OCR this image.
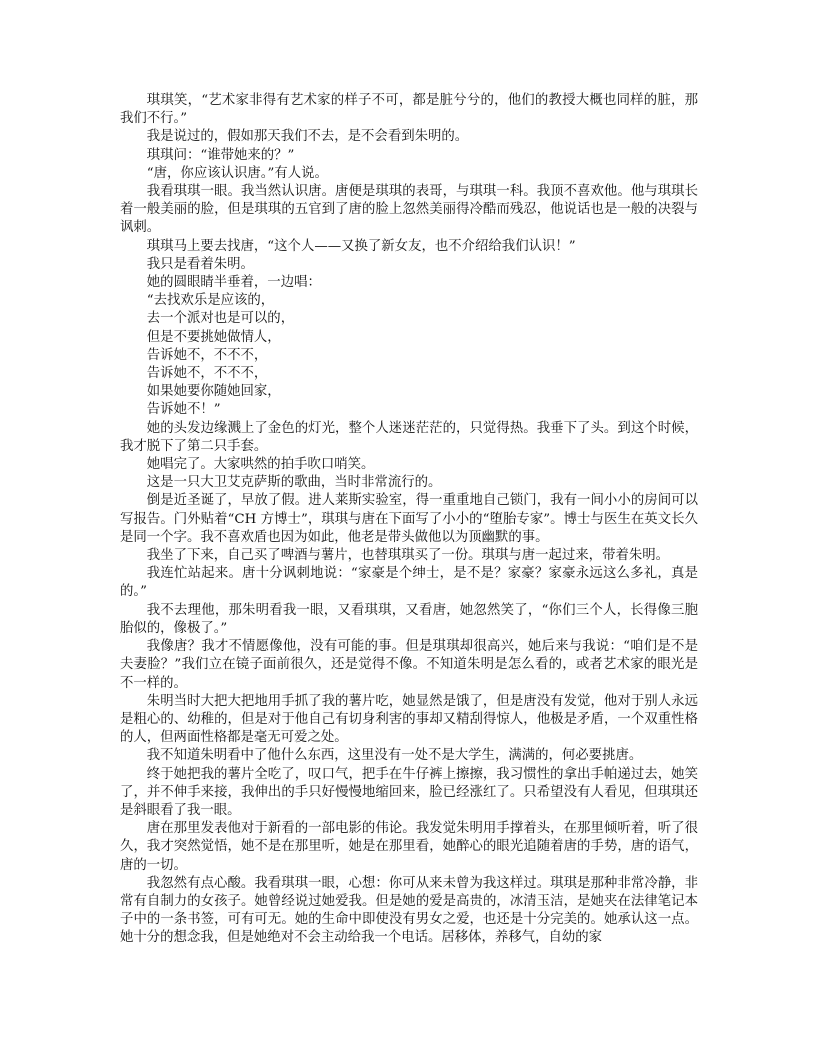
琪琪笑，“艺术家非得有艺术家的样子不可，都是脏兮兮的，他们的教授大概也同样的脏，那我们不行。”

我是说过的，假如那天我们不去，是不会看到朱明的。

琪琪问：“谁带她来的？”

“唐，你应该认识唐。”有人说。

我看琪琪一眼。我当然认识唐。唐便是琪琪的表哥，与琪琪一科。我顶不喜欢他。他与琪琪长着一般美丽的脸，但是琪琪的五官到了唐的脸上忽然美丽得冷酷而残忍，他说话也是一般的决裂与讽刺。

琪琪马上要去找唐，“这个人——又换了新女友，也不介绍给我们认识！”

我只是看着朱明。

她的圆眼睛半垂着，一边唱：

“去找欢乐是应该的，

去一个派对也是可以的，

但是不要挑她做情人，

告诉她不，不不不，

告诉她不，不不不，

如果她要你随她回家，

告诉她不！”

她的头发边缘溅上了金色的灯光，整个人迷迷茫茫的，只觉得热。我垂下了头。到这个时候，我才脱下了第二只手套。

她唱完了。大家哄然的拍手吹口哨笑。

这是一只大卫艾克萨斯的歌曲，当时非常流行的。

倒是近圣诞了，早放了假。进人莱斯实验室，得一重重地自己锁门，我有一间小小的房间可以写报告。门外贴着“CH 方博士”，琪琪与唐在下面写了小小的“堕胎专家”。博士与医生在英文长久是同一个字。我不喜欢盾也因为如此，他老是带头做他以为顶幽默的事。

我坐了下来，自己买了啤酒与薯片，也替琪琪买了一份。琪琪与唐一起过来，带着朱明。

我连忙站起来。唐十分讽刺地说：“家豪是个绅士，是不是？家豪？家豪永远这么多礼，真是的。”

我不去理他，那朱明看我一眼，又看琪琪，又看唐，她忽然笑了，“你们三个人，长得像三胞胎似的，像极了。”

我像唐？我才不情愿像他，没有可能的事。但是琪琪却很高兴，她后来与我说：“咱们是不是夫妻脸？”我们立在镜子面前很久，还是觉得不像。不知道朱明是怎么看的，或者艺术家的眼光是不一样的。

朱明当时大把大把地用手抓了我的薯片吃，她显然是饿了，但是唐没有发觉，他对于别人永远是粗心的、幼稚的，但是对于他自己有切身利害的事却又精刮得惊人，他极是矛盾，一个双重性格的人，但两面性格都是毫无可爱之处。

我不知道朱明看中了他什么东西，这里没有一处不是大学生，满满的，何必要挑唐。

终于她把我的薯片全吃了，叹口气，把手在牛仔裤上擦擦，我习惯性的拿出手帕递过去，她笑了，并不伸手来接，我伸出的手只好慢慢地缩回来，脸已经涨红了。只希望没有人看见，但琪琪还是斜眼看了我一眼。

唐在那里发表他对于新看的一部电影的伟论。我发觉朱明用手撑着头，在那里倾听着，听了很久，我才突然觉悟，她不是在那里听，她是在那里看，她醉心的眼光追随着唐的手势，唐的语气，唐的一切。

我忽然有点心酸。我看琪琪一眼，心想：你可从来未曾为我这样过。琪琪是那种非常冷静，非常有自制力的女孩子。她曾经说过她爱我。但是她的爱是高贵的，冰清玉洁，是她夹在法律笔记本子中的一条书签，可有可无。她的生命中即使没有男女之爱，也还是十分完美的。她承认这一点。她十分的想念我，但是她绝对不会主动给我一个电话。居移体，养移气，自幼的家
